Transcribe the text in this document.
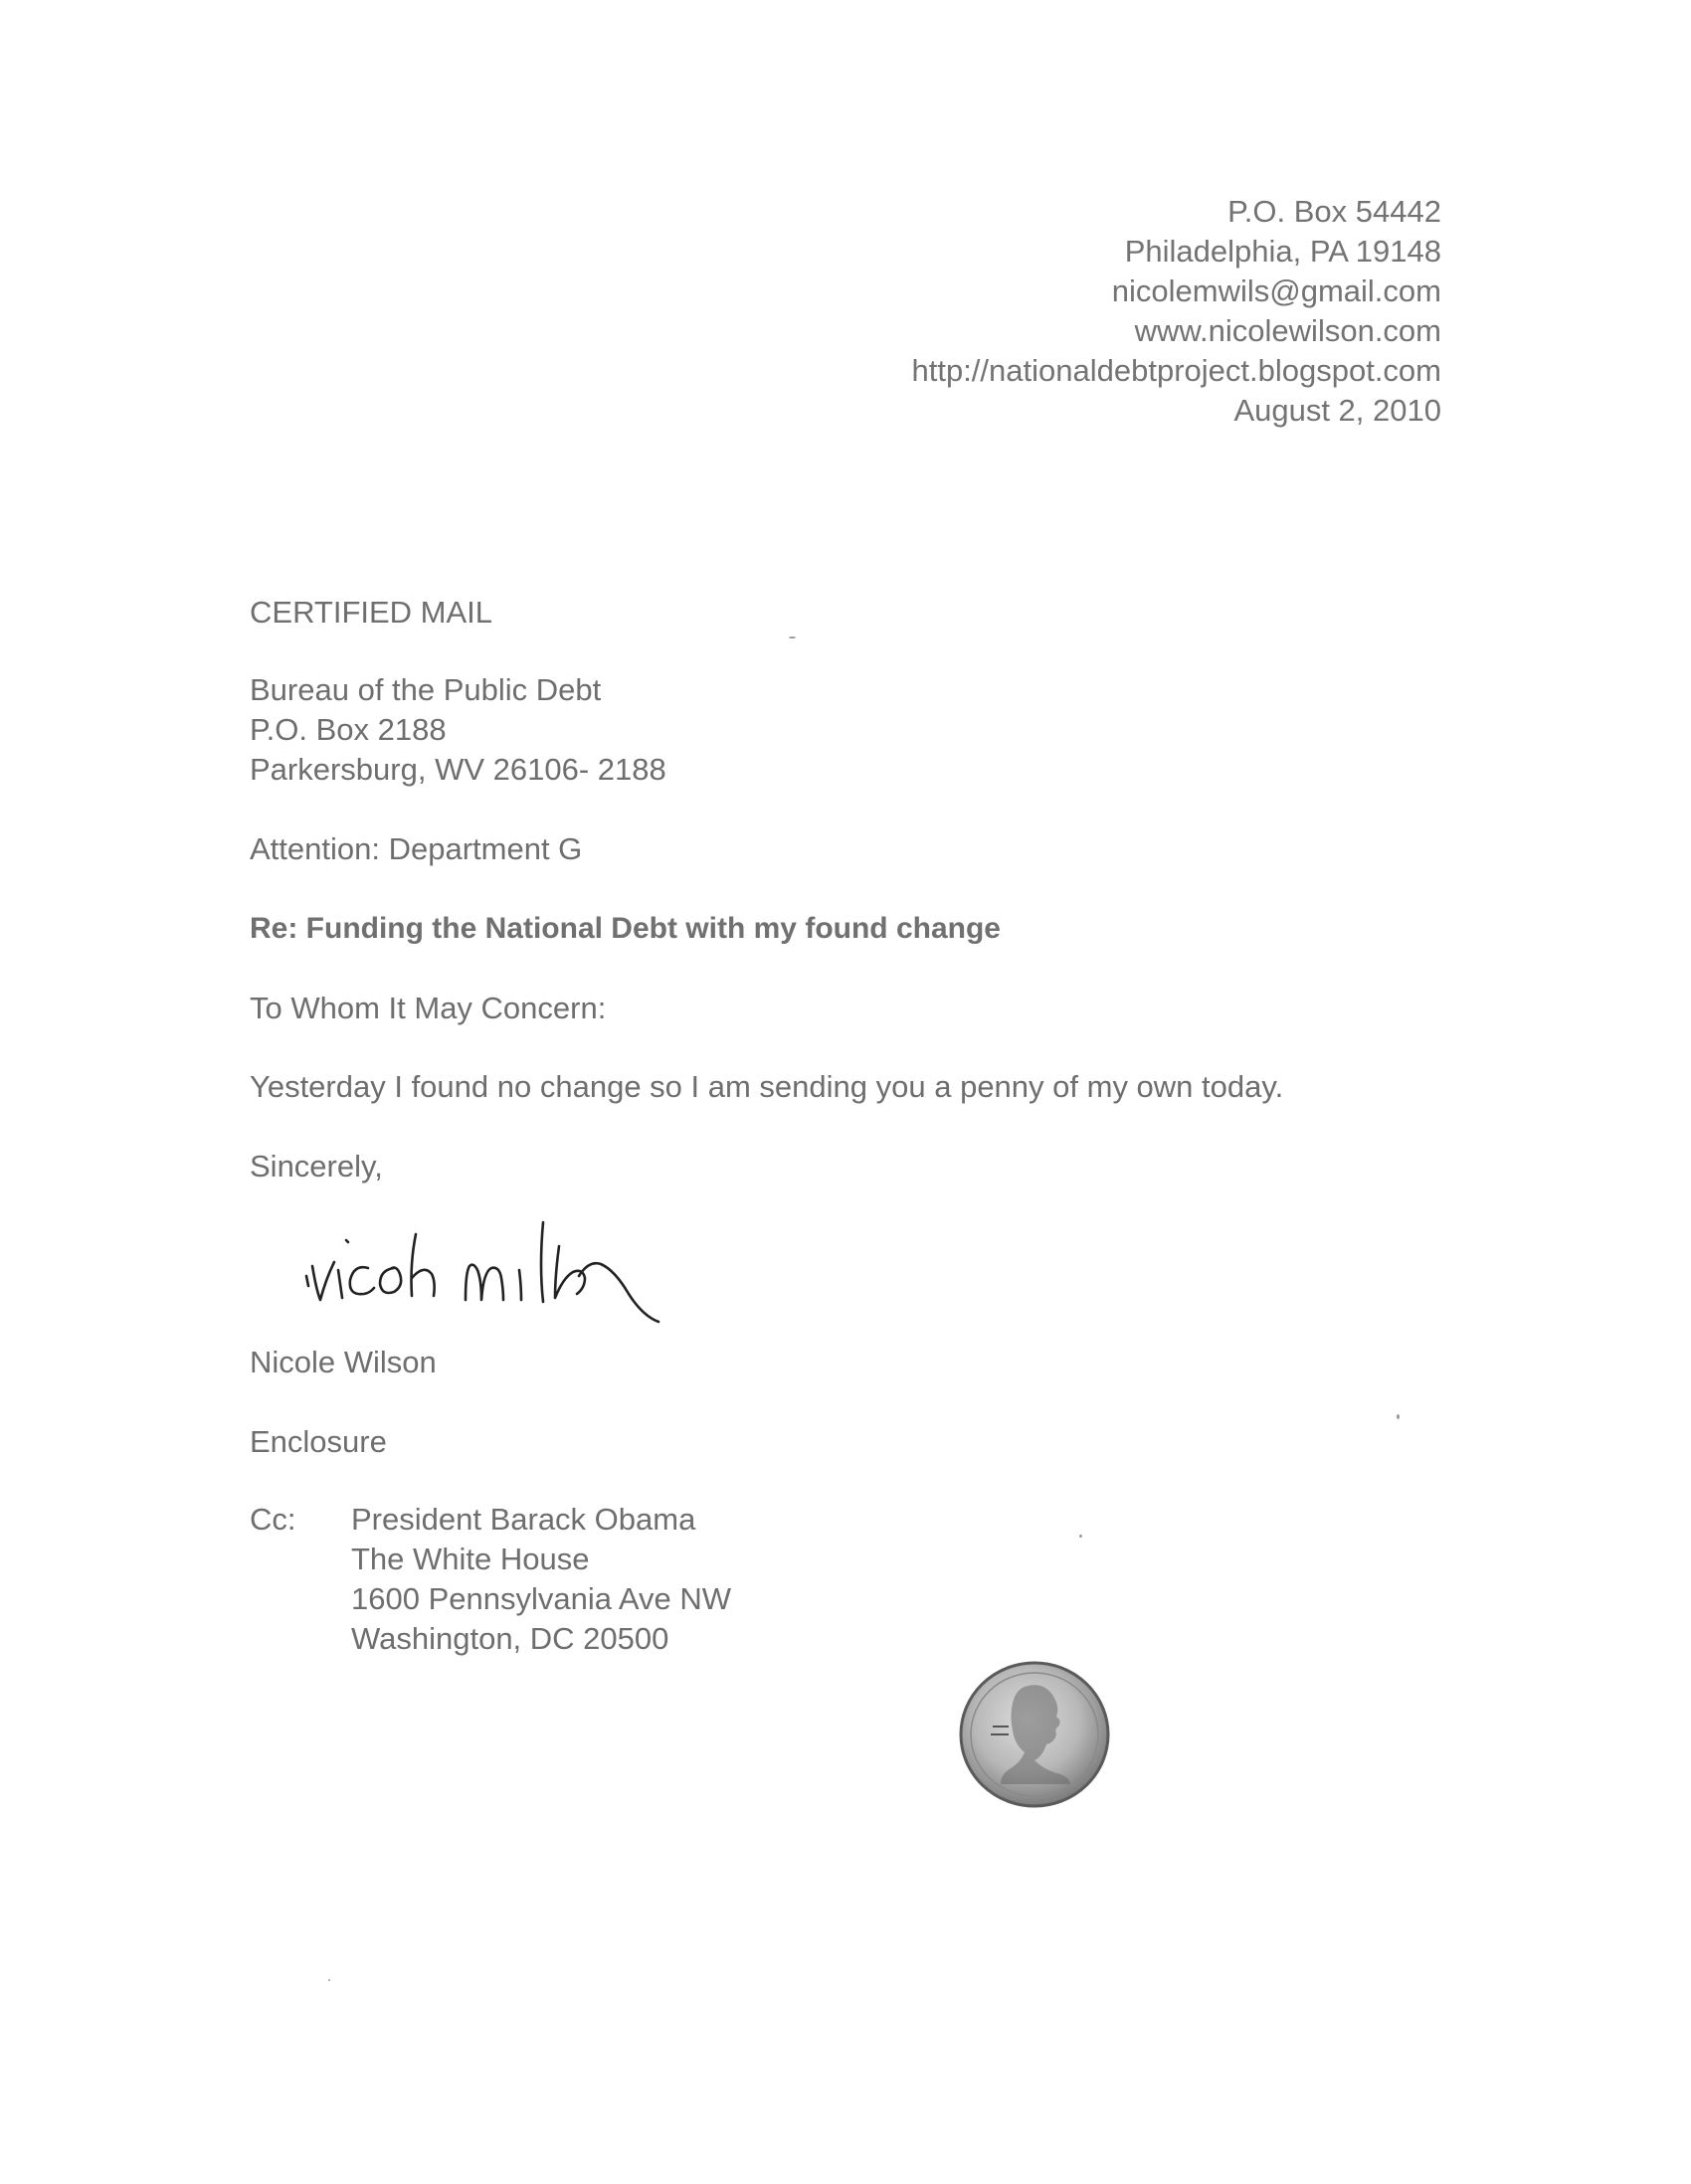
P.O. Box 54442
Philadelphia, PA 19148
nicolemwils@gmail.com
www.nicolewilson.com
http://nationaldebtproject.blogspot.com
August 2, 2010
CERTIFIED MAIL
Bureau of the Public Debt
P.O. Box 2188
Parkersburg, WV 26106- 2188
Attention: Department G
Re: Funding the National Debt with my found change
To Whom It May Concern:
Yesterday I found no change so I am sending you a penny of my own today.
Sincerely,
Nicole Wilson
Enclosure
Cc: President Barack Obama
The White House
1600 Pennsylvania Ave NW
Washington, DC 20500
